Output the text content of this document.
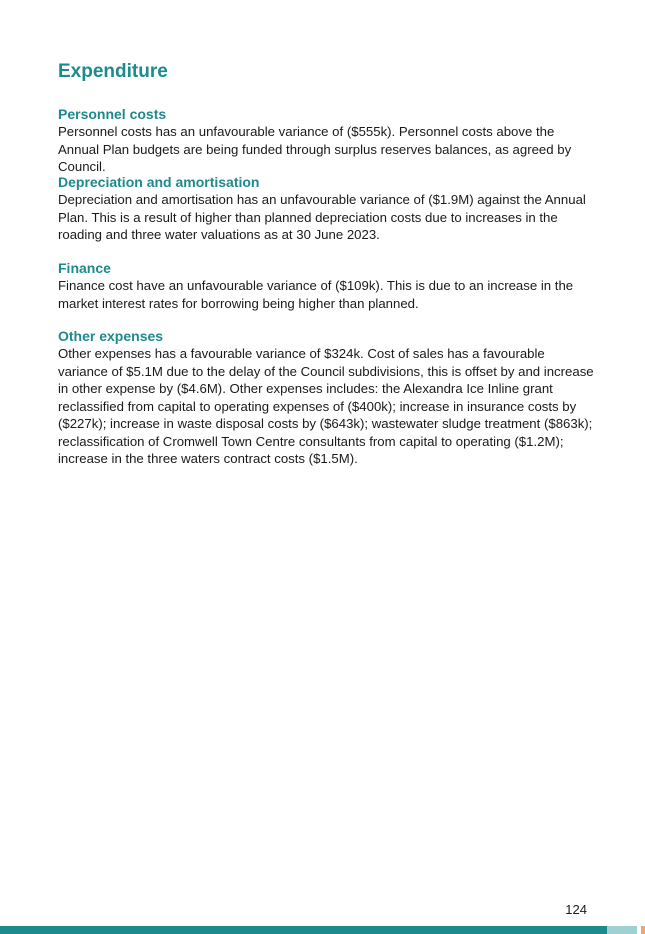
Expenditure
Personnel costs

Personnel costs has an unfavourable variance of ($555k). Personnel costs above the Annual Plan budgets are being funded through surplus reserves balances, as agreed by Council.

Depreciation and amortisation

Depreciation and amortisation has an unfavourable variance of ($1.9M) against the Annual Plan. This is a result of higher than planned depreciation costs due to increases in the roading and three water valuations as at 30 June 2023.

Finance

Finance cost have an unfavourable variance of ($109k). This is due to an increase in the market interest rates for borrowing being higher than planned.

Other expenses

Other expenses has a favourable variance of $324k. Cost of sales has a favourable variance of $5.1M due to the delay of the Council subdivisions, this is offset by and increase in other expense by ($4.6M). Other expenses includes: the Alexandra Ice Inline grant reclassified from capital to operating expenses of ($400k); increase in insurance costs by ($227k); increase in waste disposal costs by ($643k); wastewater sludge treatment ($863k); reclassification of Cromwell Town Centre consultants from capital to operating ($1.2M); increase in the three waters contract costs ($1.5M).

124
